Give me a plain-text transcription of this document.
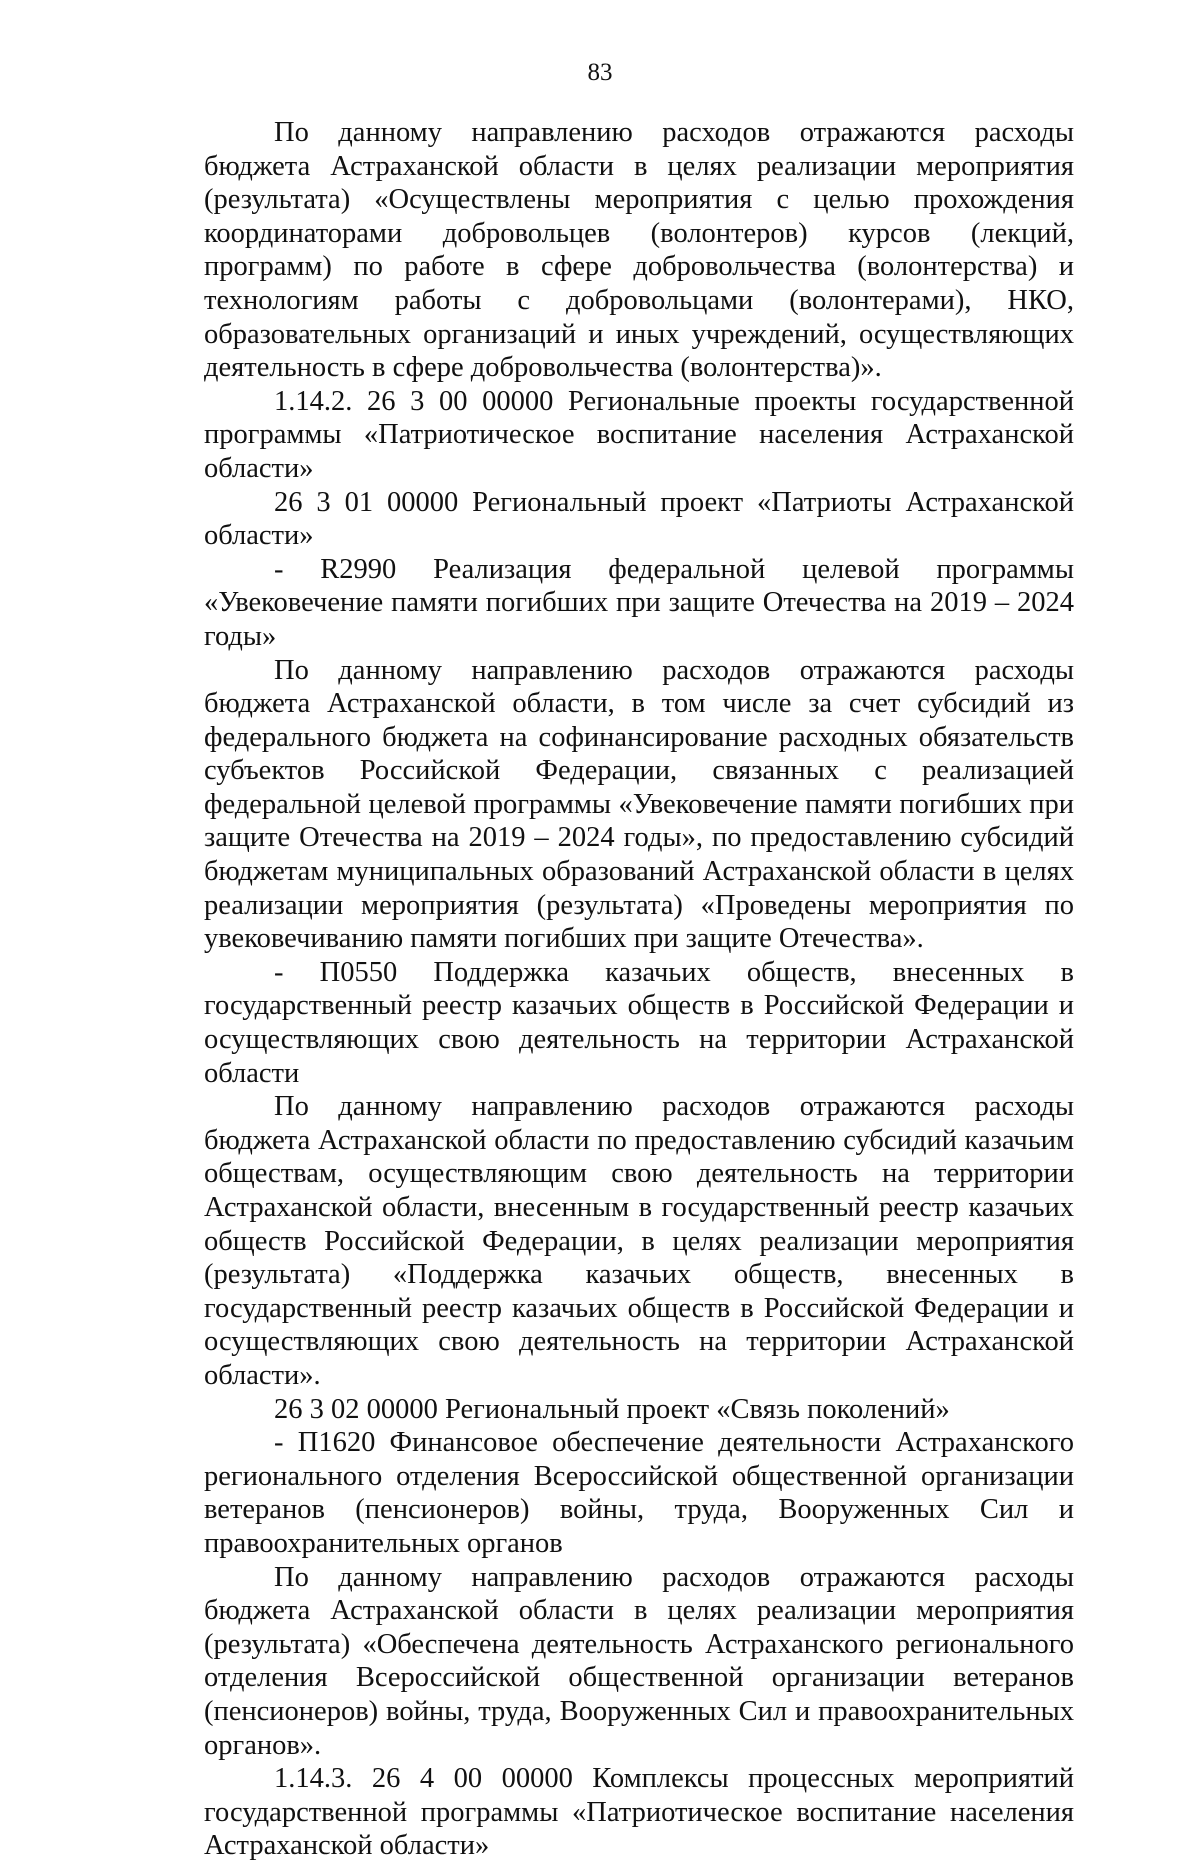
83

По данному направлению расходов отражаются расходы бюджета Астраханской области в целях реализации мероприятия (результата) «Осуществлены мероприятия с целью прохождения координаторами добровольцев (волонтеров) курсов (лекций, программ) по работе в сфере добровольчества (волонтерства) и технологиям работы с добровольцами (волонтерами), НКО, образовательных организаций и иных учреждений, осуществляющих деятельность в сфере добровольчества (волонтерства)».

1.14.2. 26 3 00 00000 Региональные проекты государственной программы «Патриотическое воспитание населения Астраханской области»

26 3 01 00000 Региональный проект «Патриоты Астраханской области»

- R2990 Реализация федеральной целевой программы «Увековечение памяти погибших при защите Отечества на 2019 – 2024 годы»

По данному направлению расходов отражаются расходы бюджета Астраханской области, в том числе за счет субсидий из федерального бюджета на софинансирование расходных обязательств субъектов Российской Федерации, связанных с реализацией федеральной целевой программы «Увековечение памяти погибших при защите Отечества на 2019 – 2024 годы», по предоставлению субсидий бюджетам муниципальных образований Астраханской области в целях реализации мероприятия (результата) «Проведены мероприятия по увековечиванию памяти погибших при защите Отечества».

- П0550 Поддержка казачьих обществ, внесенных в государственный реестр казачьих обществ в Российской Федерации и осуществляющих свою деятельность на территории Астраханской области

По данному направлению расходов отражаются расходы бюджета Астраханской области по предоставлению субсидий казачьим обществам, осуществляющим свою деятельность на территории Астраханской области, внесенным в государственный реестр казачьих обществ Российской Федерации, в целях реализации мероприятия (результата) «Поддержка казачьих обществ, внесенных в государственный реестр казачьих обществ в Российской Федерации и осуществляющих свою деятельность на территории Астраханской области».

26 3 02 00000 Региональный проект «Связь поколений»

- П1620 Финансовое обеспечение деятельности Астраханского регионального отделения Всероссийской общественной организации ветеранов (пенсионеров) войны, труда, Вооруженных Сил и правоохранительных органов

По данному направлению расходов отражаются расходы бюджета Астраханской области в целях реализации мероприятия (результата) «Обеспечена деятельность Астраханского регионального отделения Всероссийской общественной организации ветеранов (пенсионеров) войны, труда, Вооруженных Сил и правоохранительных органов».

1.14.3. 26 4 00 00000 Комплексы процессных мероприятий государственной программы «Патриотическое воспитание населения Астраханской области»
